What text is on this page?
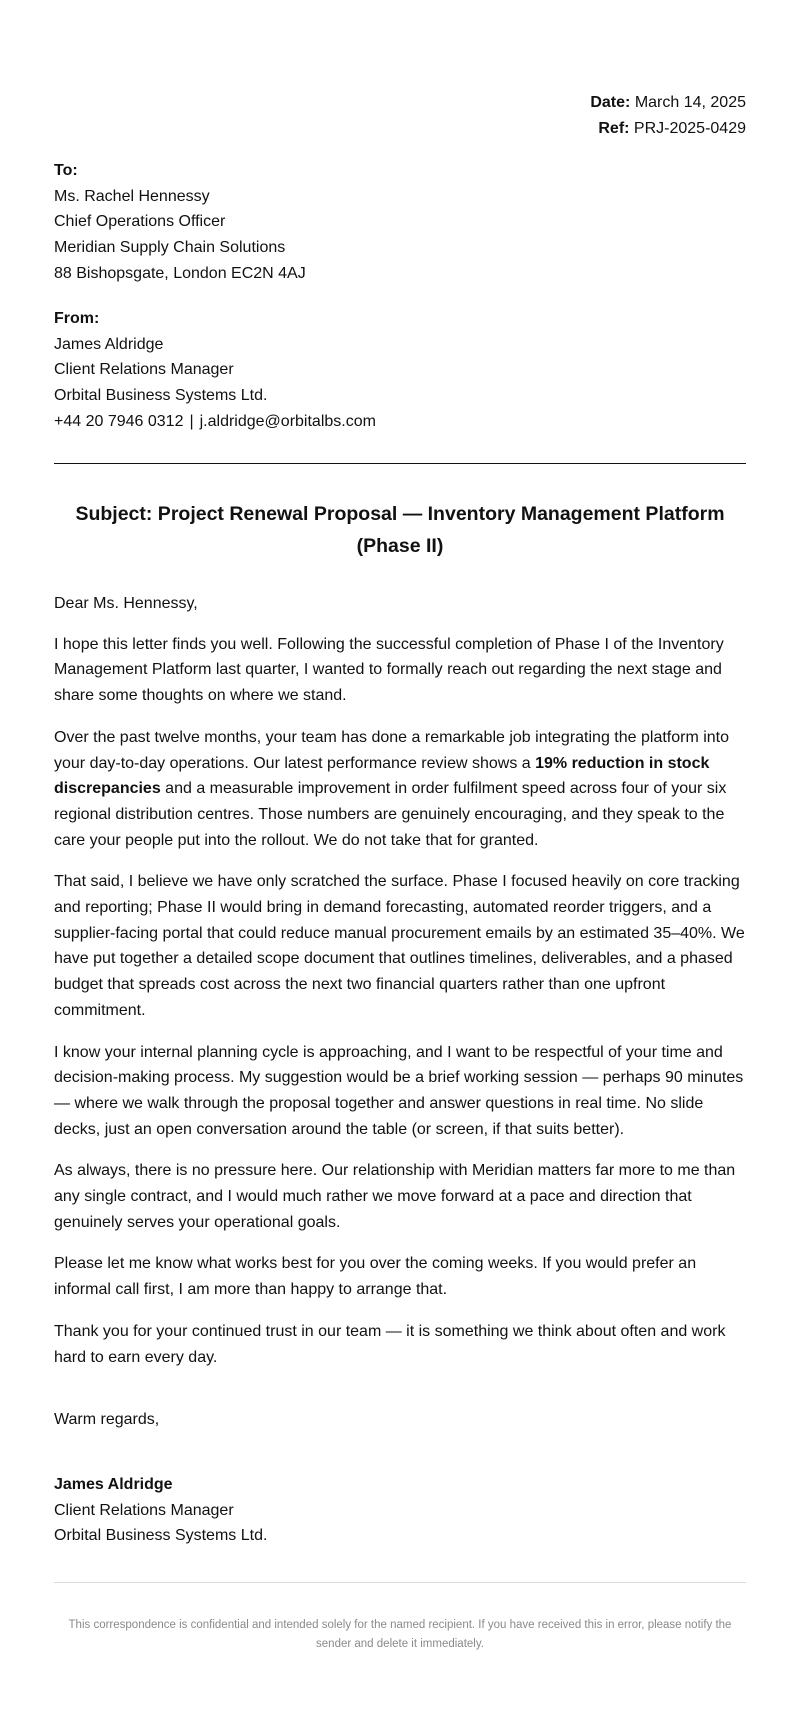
Date: March 14, 2025
Ref: PRJ-2025-0429
To:
Ms. Rachel Hennessy
Chief Operations Officer
Meridian Supply Chain Solutions
88 Bishopsgate, London EC2N 4AJ
From:
James Aldridge
Client Relations Manager
Orbital Business Systems Ltd.
+44 20 7946 0312 | j.aldridge@orbitalbs.com
Subject: Project Renewal Proposal — Inventory Management Platform (Phase II)

Dear Ms. Hennessy,

I hope this letter finds you well. Following the successful completion of Phase I of the Inventory Management Platform last quarter, I wanted to formally reach out regarding the next stage and share some thoughts on where we stand.

Over the past twelve months, your team has done a remarkable job integrating the platform into your day-to-day operations. Our latest performance review shows a 19% reduction in stock discrepancies and a measurable improvement in order fulfilment speed across four of your six regional distribution centres. Those numbers are genuinely encouraging, and they speak to the care your people put into the rollout. We do not take that for granted.

That said, I believe we have only scratched the surface. Phase I focused heavily on core tracking and reporting; Phase II would bring in demand forecasting, automated reorder triggers, and a supplier-facing portal that could reduce manual procurement emails by an estimated 35–40%. We have put together a detailed scope document that outlines timelines, deliverables, and a phased budget that spreads cost across the next two financial quarters rather than one upfront commitment.

I know your internal planning cycle is approaching, and I want to be respectful of your time and decision-making process. My suggestion would be a brief working session — perhaps 90 minutes — where we walk through the proposal together and answer questions in real time. No slide decks, just an open conversation around the table (or screen, if that suits better).

As always, there is no pressure here. Our relationship with Meridian matters far more to me than any single contract, and I would much rather we move forward at a pace and direction that genuinely serves your operational goals.

Please let me know what works best for you over the coming weeks. If you would prefer an informal call first, I am more than happy to arrange that.

Thank you for your continued trust in our team — it is something we think about often and work hard to earn every day.

Warm regards,
James Aldridge
Client Relations Manager
Orbital Business Systems Ltd.
This correspondence is confidential and intended solely for the named recipient. If you have received this in error, please notify the sender and delete it immediately.
